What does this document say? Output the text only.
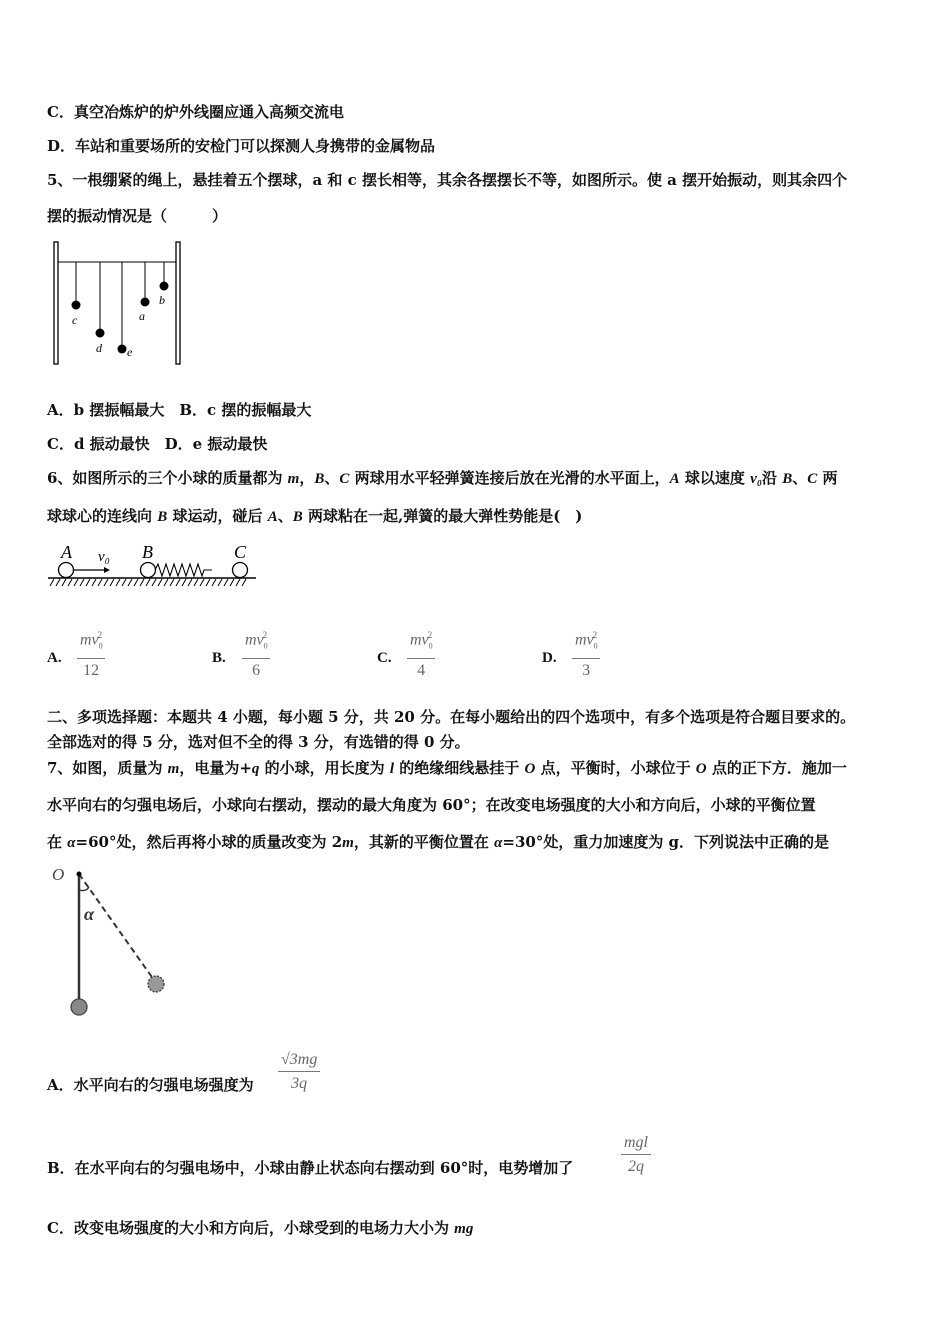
C．真空冶炼炉的炉外线圈应通入高频交流电
D．车站和重要场所的安检门可以探测人身携带的金属物品
5、一根绷紧的绳上，悬挂着五个摆球，a 和 c 摆长相等，其余各摆摆长不等，如图所示。使 a 摆开始振动，则其余四个
摆的振动情况是（　　　）
c
d e
a
b
A．b 摆振幅最大　B．c 摆的振幅最大
C．d 振动最快　D．e 振动最快
6、如图所示的三个小球的质量都为 m，B、C 两球用水平轻弹簧连接后放在光滑的水平面上，A 球以速度 v₀沿 B、C 两
球球心的连线向 B 球运动，碰后 A、B 两球粘在一起,弹簧的最大弹性势能是(　)
A v₀ B	C
A. $\frac{mv_0^2}{12}$	B. $\frac{mv_0^2}{6}$	C. $\frac{mv_0^2}{4}$	D. $\frac{mv_0^2}{3}$
二、多项选择题：本题共 4 小题，每小题 5 分，共 20 分。在每小题给出的四个选项中，有多个选项是符合题目要求的。
全部选对的得 5 分，选对但不全的得 3 分，有选错的得 0 分。
7、如图，质量为 m，电量为+q 的小球，用长度为 l 的绝缘细线悬挂于 O 点，平衡时，小球位于 O 点的正下方．施加一
水平向右的匀强电场后，小球向右摆动，摆动的最大角度为 60°；在改变电场强度的大小和方向后，小球的平衡位置
在 α=60°处，然后再将小球的质量改变为 2m，其新的平衡位置在 α=30°处，重力加速度为 g．下列说法中正确的是
O
α
A．水平向右的匀强电场强度为 $\frac{√3mg}{3q}$
B．在水平向右的匀强电场中，小球由静止状态向右摆动到 60°时，电势增加了
mgl
2q
C．改变电场强度的大小和方向后，小球受到的电场力大小为 mg
